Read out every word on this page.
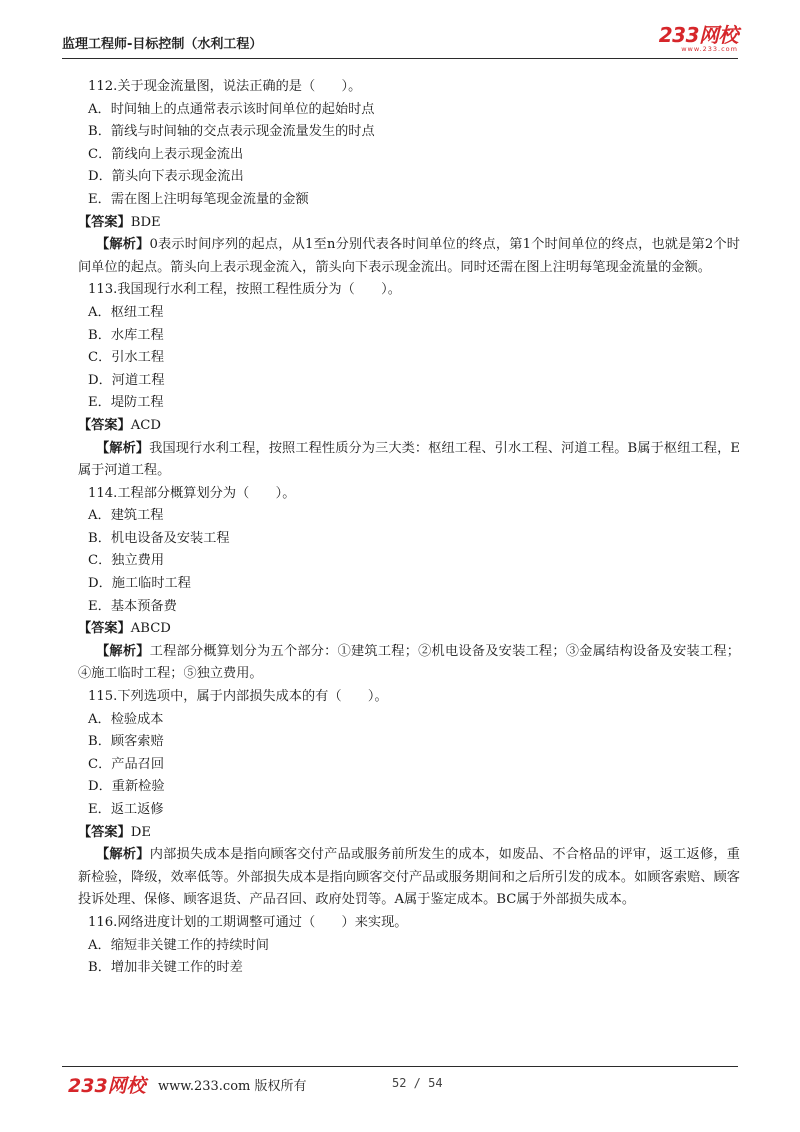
监理工程师-目标控制（水利工程）	233网校
www.233.com
112.关于现金流量图，说法正确的是（　　）。
A．时间轴上的点通常表示该时间单位的起始时点
B．箭线与时间轴的交点表示现金流量发生的时点
C．箭线向上表示现金流出
D．箭头向下表示现金流出
E．需在图上注明每笔现金流量的金额
【答案】BDE
【解析】0表示时间序列的起点，从1至n分别代表各时间单位的终点，第1个时间单位的终点，也就是第2个时间单位的起点。箭头向上表示现金流入，箭头向下表示现金流出。同时还需在图上注明每笔现金流量的金额。
113.我国现行水利工程，按照工程性质分为（　　）。
A．枢纽工程
B．水库工程
C．引水工程
D．河道工程
E．堤防工程
【答案】ACD
【解析】我国现行水利工程，按照工程性质分为三大类：枢纽工程、引水工程、河道工程。B属于枢纽工程，E属于河道工程。
114.工程部分概算划分为（　　）。
A．建筑工程
B．机电设备及安装工程
C．独立费用
D．施工临时工程
E．基本预备费
【答案】ABCD
【解析】工程部分概算划分为五个部分：①建筑工程；②机电设备及安装工程；③金属结构设备及安装工程；④施工临时工程；⑤独立费用。
115.下列选项中，属于内部损失成本的有（　　）。
A．检验成本
B．顾客索赔
C．产品召回
D．重新检验
E．返工返修
【答案】DE
【解析】内部损失成本是指向顾客交付产品或服务前所发生的成本，如废品、不合格品的评审，返工返修，重新检验，降级，效率低等。外部损失成本是指向顾客交付产品或服务期间和之后所引发的成本。如顾客索赔、顾客投诉处理、保修、顾客退货、产品召回、政府处罚等。A属于鉴定成本。BC属于外部损失成本。
116.网络进度计划的工期调整可通过（　　）来实现。
A．缩短非关键工作的持续时间
B．增加非关键工作的时差
233网校 www.233.com 版权所有	52 / 54
